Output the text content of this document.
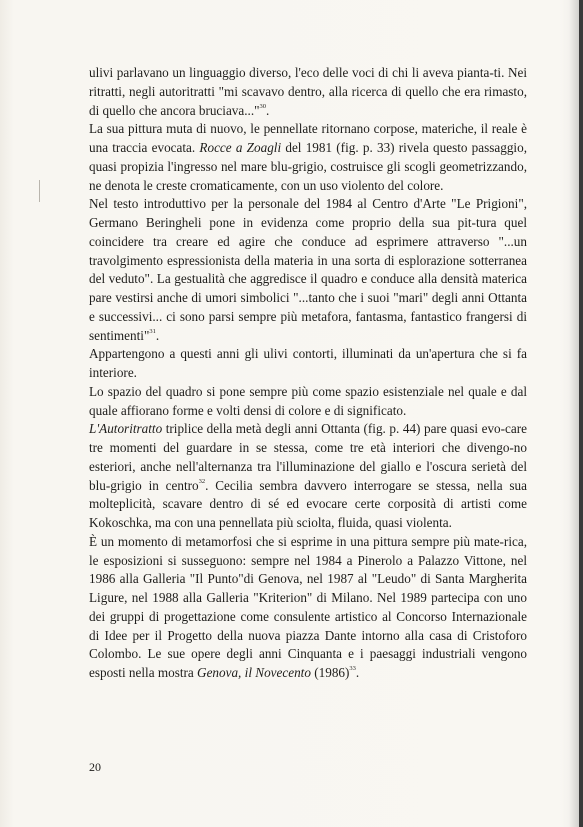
ulivi parlavano un linguaggio diverso, l'eco delle voci di chi li aveva pianta-ti. Nei ritratti, negli autoritratti "mi scavavo dentro, alla ricerca di quello che era rimasto, di quello che ancora bruciava..."$^{30}$.

La sua pittura muta di nuovo, le pennellate ritornano corpose, materiche, il reale è una traccia evocata. Rocce a Zoagli del 1981 (fig. p. 33) rivela questo passaggio, quasi propizia l'ingresso nel mare blu-grigio, costruisce gli scogli geometrizzando, ne denota le creste cromaticamente, con un uso violento del colore.

Nel testo introduttivo per la personale del 1984 al Centro d'Arte "Le Prigioni", Germano Beringheli pone in evidenza come proprio della sua pit-tura quel coincidere tra creare ed agire che conduce ad esprimere attraverso "...un travolgimento espressionista della materia in una sorta di esplorazione sotterranea del veduto". La gestualità che aggredisce il quadro e conduce alla densità materica pare vestirsi anche di umori simbolici "...tanto che i suoi "mari" degli anni Ottanta e successivi... ci sono parsi sempre più metafora, fantasma, fantastico frangersi di sentimenti"$^{31}$.

Appartengono a questi anni gli ulivi contorti, illuminati da un'apertura che si fa interiore.

Lo spazio del quadro si pone sempre più come spazio esistenziale nel quale e dal quale affiorano forme e volti densi di colore e di significato.

L'Autoritratto triplice della metà degli anni Ottanta (fig. p. 44) pare quasi evo-care tre momenti del guardare in se stessa, come tre età interiori che divengo-no esteriori, anche nell'alternanza tra l'illuminazione del giallo e l'oscura serietà del blu-grigio in centro$^{32}$. Cecilia sembra davvero interrogare se stessa, nella sua molteplicità, scavare dentro di sé ed evocare certe corposità di artisti come Kokoschka, ma con una pennellata più sciolta, fluida, quasi violenta.

È un momento di metamorfosi che si esprime in una pittura sempre più mate-rica, le esposizioni si susseguono: sempre nel 1984 a Pinerolo a Palazzo Vittone, nel 1986 alla Galleria "Il Punto"di Genova, nel 1987 al "Leudo" di Santa Margherita Ligure, nel 1988 alla Galleria "Kriterion" di Milano. Nel 1989 partecipa con uno dei gruppi di progettazione come consulente artistico al Concorso Internazionale di Idee per il Progetto della nuova piazza Dante intorno alla casa di Cristoforo Colombo. Le sue opere degli anni Cinquanta e i paesaggi industriali vengono esposti nella mostra Genova, il Novecento (1986)$^{33}$.

20
